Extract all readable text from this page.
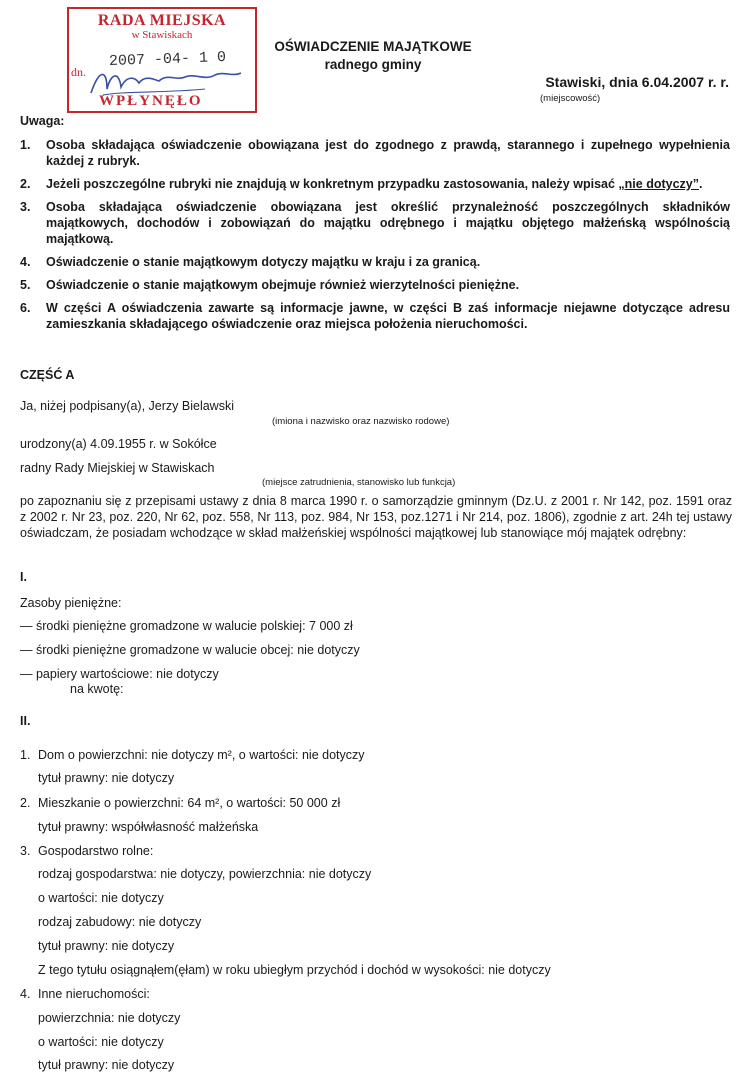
RADA MIEJSKA
w Stawiskach
dn.
2007 -04- 1 0
WPŁYNĘŁO
OŚWIADCZENIE MAJĄTKOWE
radnego gminy
Stawiski, dnia 6.04.2007 r. r.
(miejscowość)
Uwaga:
1.	Osoba składająca oświadczenie obowiązana jest do zgodnego z prawdą, starannego i zupełnego wypełnienia każdej z rubryk.
2.	Jeżeli poszczególne rubryki nie znajdują w konkretnym przypadku zastosowania, należy wpisać „nie dotyczy”.
3.	Osoba składająca oświadczenie obowiązana jest określić przynależność poszczególnych składników majątkowych, dochodów i zobowiązań do majątku odrębnego i majątku objętego małżeńską wspólnością majątkową.
4.	Oświadczenie o stanie majątkowym dotyczy majątku w kraju i za granicą.
5.	Oświadczenie o stanie majątkowym obejmuje również wierzytelności pieniężne.
6.	W części A oświadczenia zawarte są informacje jawne, w części B zaś informacje niejawne dotyczące adresu zamieszkania składającego oświadczenie oraz miejsca położenia nieruchomości.
CZĘŚĆ A
Ja, niżej podpisany(a), Jerzy Bielawski
(imiona i nazwisko oraz nazwisko rodowe)
urodzony(a) 4.09.1955 r. w Sokółce
radny Rady Miejskiej w Stawiskach
(miejsce zatrudnienia, stanowisko lub funkcja)
po zapoznaniu się z przepisami ustawy z dnia 8 marca 1990 r. o samorządzie gminnym (Dz.U. z 2001 r. Nr 142, poz. 1591 oraz z 2002 r. Nr 23, poz. 220, Nr 62, poz. 558, Nr 113, poz. 984, Nr 153, poz.1271 i Nr 214, poz. 1806), zgodnie z art. 24h tej ustawy oświadczam, że posiadam wchodzące w skład małżeńskiej wspólności majątkowej lub stanowiące mój majątek odrębny:
I.
Zasoby pieniężne:
— środki pieniężne gromadzone w walucie polskiej: 7 000 zł
— środki pieniężne gromadzone w walucie obcej: nie dotyczy
— papiery wartościowe: nie dotyczy
na kwotę:
II.
1. Dom o powierzchni: nie dotyczy m², o wartości: nie dotyczy
tytuł prawny: nie dotyczy
2. Mieszkanie o powierzchni: 64 m², o wartości: 50 000 zł
tytuł prawny: współwłasność małżeńska
3. Gospodarstwo rolne:
rodzaj gospodarstwa: nie dotyczy, powierzchnia: nie dotyczy
o wartości: nie dotyczy
rodzaj zabudowy: nie dotyczy
tytuł prawny: nie dotyczy
Z tego tytułu osiągnąłem(ęłam) w roku ubiegłym przychód i dochód w wysokości: nie dotyczy
4. Inne nieruchomości:
powierzchnia: nie dotyczy
o wartości: nie dotyczy
tytuł prawny: nie dotyczy
